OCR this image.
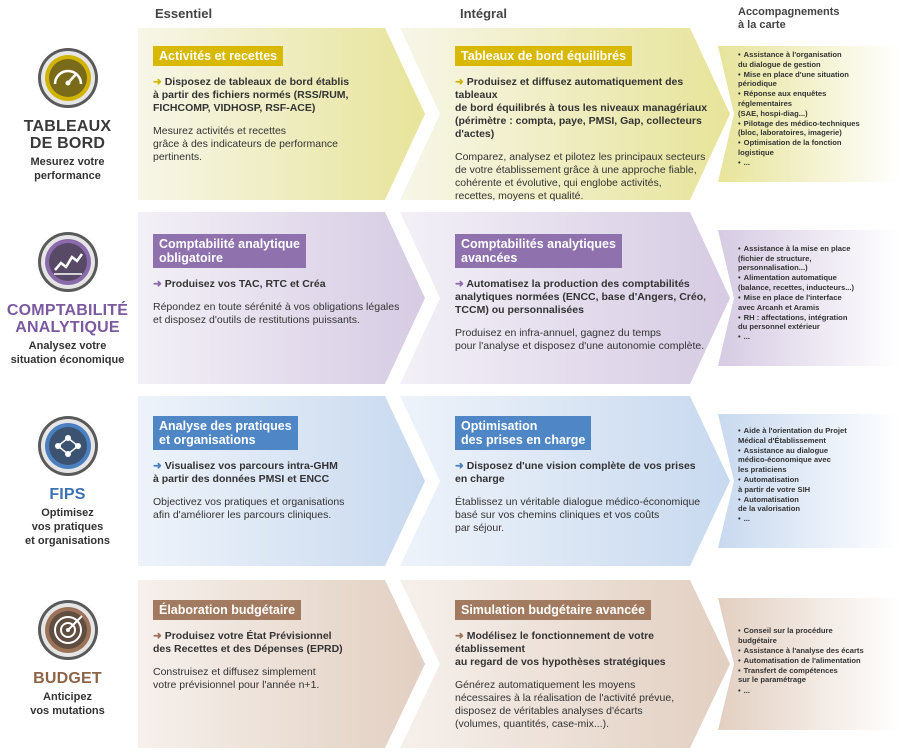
Essentiel	Intégral	Accompagnements
à la carte
TABLEAUX
DE BORD
Mesurez votre
performance
Activités et recettes
➜ Disposez de tableaux de bord établis
à partir des fichiers normés (RSS/RUM,
FICHCOMP, VIDHOSP, RSF-ACE)
Mesurez activités et recettes
grâce à des indicateurs de performance
pertinents.
Tableaux de bord équilibrés
➜ Produisez et diffusez automatiquement des tableaux
de bord équilibrés à tous les niveaux managériaux
(périmètre : compta, paye, PMSI, Gap, collecteurs d'actes)
Comparez, analysez et pilotez les principaux secteurs
de votre établissement grâce à une approche fiable,
cohérente et évolutive, qui englobe activités,
recettes, moyens et qualité.
• Assistance à l'organisation
du dialogue de gestion
• Mise en place d'une situation
périodique
• Réponse aux enquêtes
réglementaires
(SAE, hospi-diag...)
• Pilotage des médico-techniques
(bloc, laboratoires, imagerie)
• Optimisation de la fonction
logistique
• ...
COMPTABILITÉ
ANALYTIQUE
Analysez votre
situation économique
Comptabilité analytique
obligatoire
➜ Produisez vos TAC, RTC et Créa
Répondez en toute sérénité à vos obligations légales
et disposez d'outils de restitutions puissants.
Comptabilités analytiques
avancées
➜ Automatisez la production des comptabilités
analytiques normées (ENCC, base d'Angers, Créo,
TCCM) ou personnalisées
Produisez en infra-annuel, gagnez du temps
pour l'analyse et disposez d'une autonomie complète.
• Assistance à la mise en place
(fichier de structure,
personnalisation...)
• Alimentation automatique
(balance, recettes, inducteurs...)
• Mise en place de l'interface
avec Arcanh et Aramis
• RH : affectations, intégration
du personnel extérieur
• ...
FIPS
Optimisez
vos pratiques
et organisations
Analyse des pratiques
et organisations
➜ Visualisez vos parcours intra-GHM
à partir des données PMSI et ENCC
Objectivez vos pratiques et organisations
afin d'améliorer les parcours cliniques.
Optimisation
des prises en charge
➜ Disposez d'une vision complète de vos prises
en charge
Établissez un véritable dialogue médico-économique
basé sur vos chemins cliniques et vos coûts
par séjour.
• Aide à l'orientation du Projet
Médical d'Établissement
• Assistance au dialogue
médico-économique avec
les praticiens
• Automatisation
à partir de votre SIH
• Automatisation
de la valorisation
• ...
BUDGET
Anticipez
vos mutations
Élaboration budgétaire
➜ Produisez votre État Prévisionnel
des Recettes et des Dépenses (EPRD)
Construisez et diffusez simplement
votre prévisionnel pour l'année n+1.
Simulation budgétaire avancée
➜ Modélisez le fonctionnement de votre établissement
au regard de vos hypothèses stratégiques
Générez automatiquement les moyens
nécessaires à la réalisation de l'activité prévue,
disposez de véritables analyses d'écarts
(volumes, quantités, case-mix...).
• Conseil sur la procédure
budgétaire
• Assistance à l'analyse des écarts
• Automatisation de l'alimentation
• Transfert de compétences
sur le paramétrage
• ...
